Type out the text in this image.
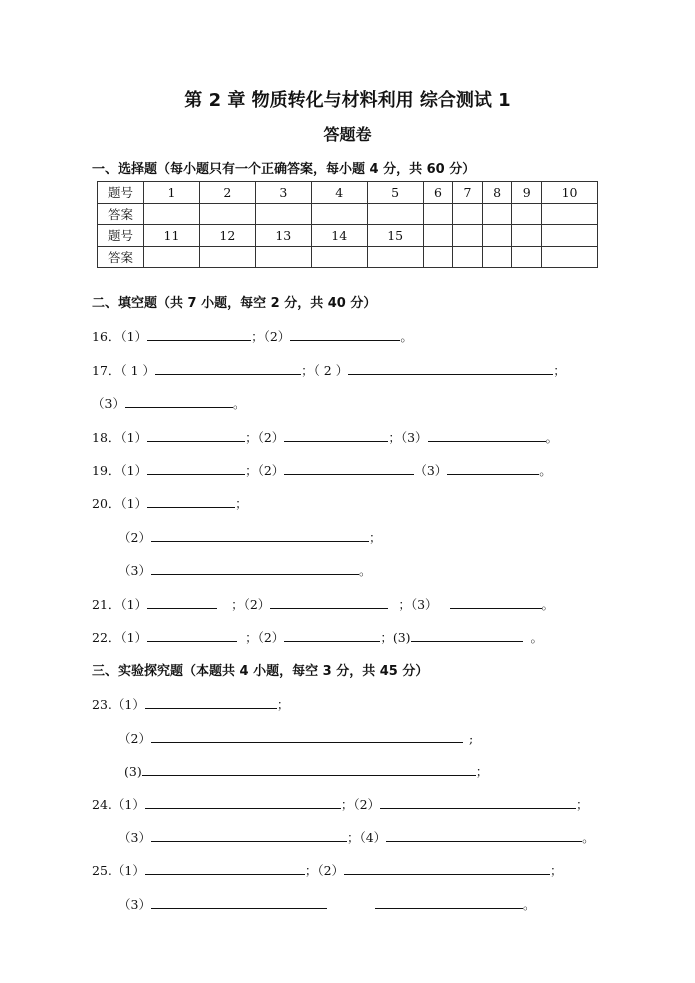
第 2 章 物质转化与材料利用 综合测试 1
答题卷
一、选择题（每小题只有一个正确答案，每小题 4 分，共 60 分）
题号	1	2	3	4	5	6	7	8	9	10
答案										
题号	11	12	13	14	15					
答案										
二、填空题（共 7 小题，每空 2 分，共 40 分）
16．（1）	；（2）	。
17．（ 1 ）	；（ 2 ）	；
（3）	。
18．（1）	；（2）	；（3）	。
19．（1）	；（2）	（3）	。
20．（1）	；
（2）	；
（3）	。
21．（1）	；（2）	；（3）	。
22．（1）	；（2）	；(3)	。
三、实验探究题（本题共 4 小题，每空 3 分，共 45 分）
23.（1）	；
（2）	;
(3)	；
24.（1）	；（2）	；
（3）	；（4）	。
25.（1）	；（2）	；
（3）	。
